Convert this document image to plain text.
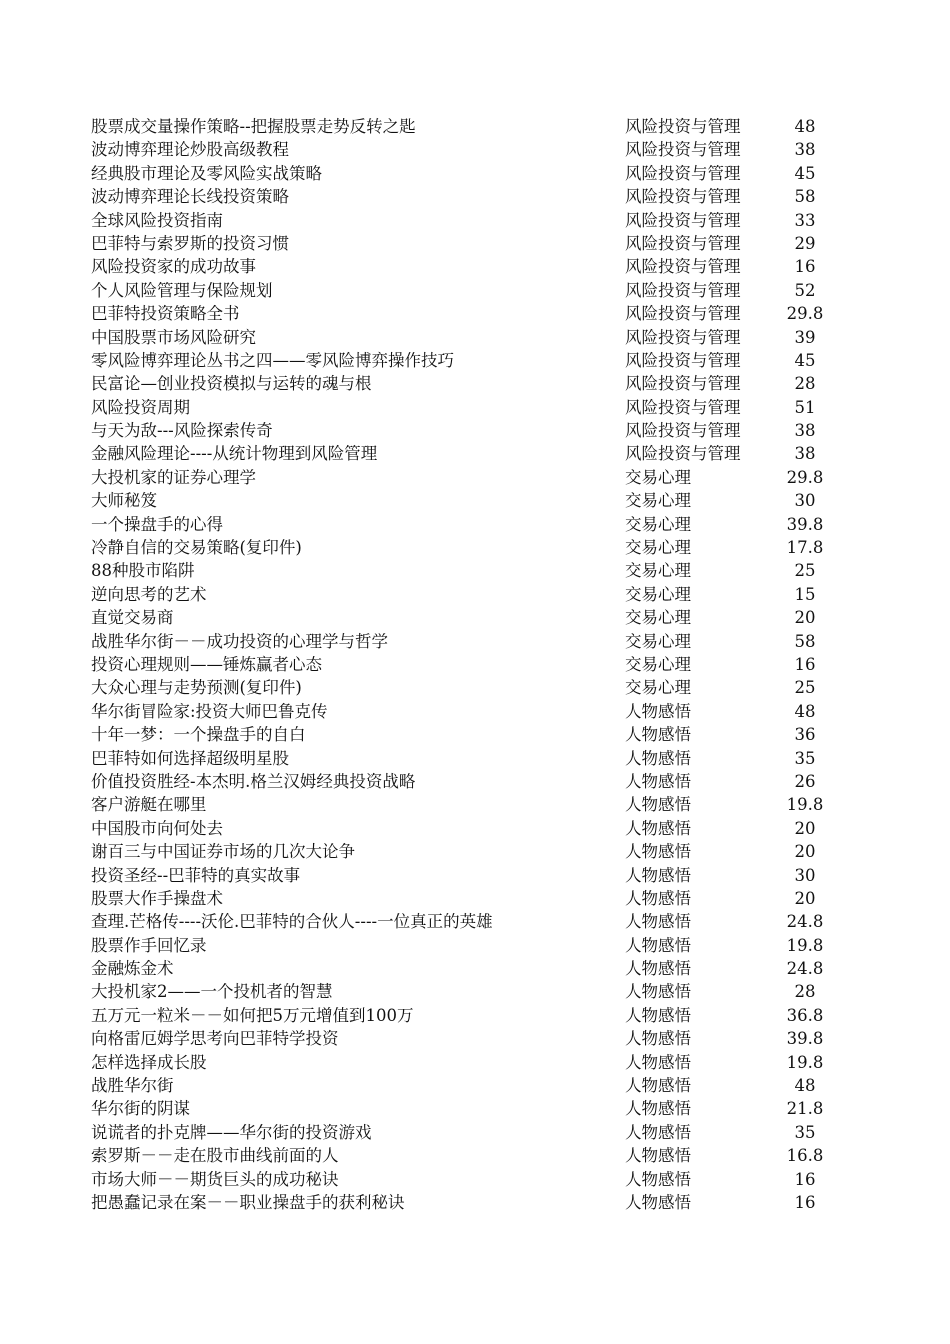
股票成交量操作策略--把握股票走势反转之匙	风险投资与管理	48
波动博弈理论炒股高级教程	风险投资与管理	38
经典股市理论及零风险实战策略	风险投资与管理	45
波动博弈理论长线投资策略	风险投资与管理	58
全球风险投资指南	风险投资与管理	33
巴菲特与索罗斯的投资习惯	风险投资与管理	29
风险投资家的成功故事	风险投资与管理	16
个人风险管理与保险规划	风险投资与管理	52
巴菲特投资策略全书	风险投资与管理	29.8
中国股票市场风险研究	风险投资与管理	39
零风险博弈理论丛书之四——零风险博弈操作技巧	风险投资与管理	45
民富论—创业投资模拟与运转的魂与根	风险投资与管理	28
风险投资周期	风险投资与管理	51
与天为敌---风险探索传奇	风险投资与管理	38
金融风险理论----从统计物理到风险管理	风险投资与管理	38
大投机家的证券心理学	交易心理	29.8
大师秘笈	交易心理	30
一个操盘手的心得	交易心理	39.8
冷静自信的交易策略(复印件)	交易心理	17.8
88种股市陷阱	交易心理	25
逆向思考的艺术	交易心理	15
直觉交易商	交易心理	20
战胜华尔街－－成功投资的心理学与哲学	交易心理	58
投资心理规则——锤炼赢者心态	交易心理	16
大众心理与走势预测(复印件)	交易心理	25
华尔街冒险家:投资大师巴鲁克传	人物感悟	48
十年一梦：一个操盘手的自白	人物感悟	36
巴菲特如何选择超级明星股	人物感悟	35
价值投资胜经-本杰明.格兰汉姆经典投资战略	人物感悟	26
客户游艇在哪里	人物感悟	19.8
中国股市向何处去	人物感悟	20
谢百三与中国证券市场的几次大论争	人物感悟	20
投资圣经--巴菲特的真实故事	人物感悟	30
股票大作手操盘术	人物感悟	20
查理.芒格传----沃伦.巴菲特的合伙人----一位真正的英雄	人物感悟	24.8
股票作手回忆录	人物感悟	19.8
金融炼金术	人物感悟	24.8
大投机家2——一个投机者的智慧	人物感悟	28
五万元一粒米－－如何把5万元增值到100万	人物感悟	36.8
向格雷厄姆学思考向巴菲特学投资	人物感悟	39.8
怎样选择成长股	人物感悟	19.8
战胜华尔街	人物感悟	48
华尔街的阴谋	人物感悟	21.8
说谎者的扑克牌——华尔街的投资游戏	人物感悟	35
索罗斯－－走在股市曲线前面的人	人物感悟	16.8
市场大师－－期货巨头的成功秘诀	人物感悟	16
把愚蠢记录在案－－职业操盘手的获利秘诀	人物感悟	16
